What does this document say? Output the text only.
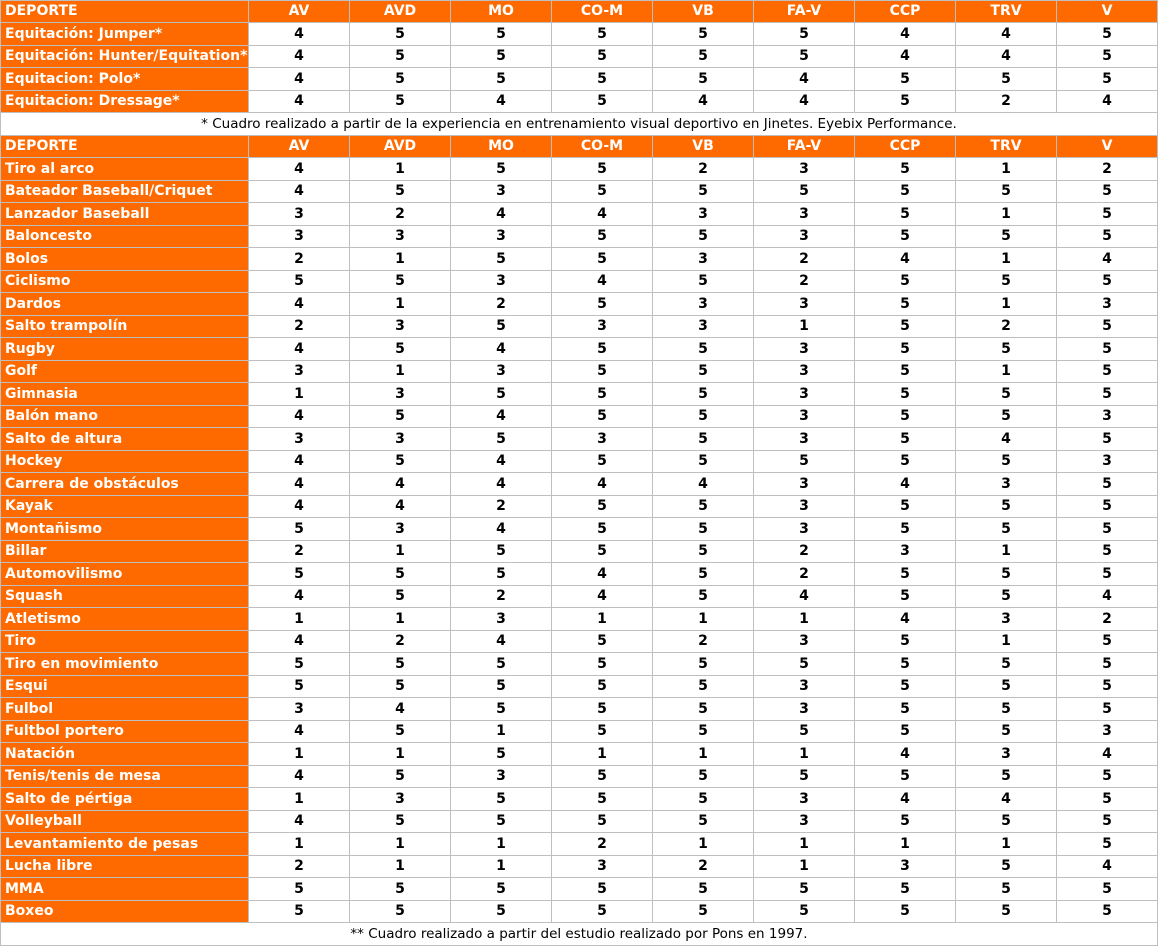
DEPORTE	AV	AVD	MO	CO-M	VB	FA-V	CCP	TRV	V
Equitación: Jumper*	4	5	5	5	5	5	4	4	5
Equitación: Hunter/Equitation*	4	5	5	5	5	5	4	4	5
Equitacion: Polo*	4	5	5	5	5	4	5	5	5
Equitacion: Dressage*	4	5	4	5	4	4	5	2	4
* Cuadro realizado a partir de la experiencia en entrenamiento visual deportivo en Jinetes. Eyebix Performance.									
DEPORTE	AV	AVD	MO	CO-M	VB	FA-V	CCP	TRV	V
Tiro al arco	4	1	5	5	2	3	5	1	2
Bateador Baseball/Criquet	4	5	3	5	5	5	5	5	5
Lanzador Baseball	3	2	4	4	3	3	5	1	5
Baloncesto	3	3	3	5	5	3	5	5	5
Bolos	2	1	5	5	3	2	4	1	4
Ciclismo	5	5	3	4	5	2	5	5	5
Dardos	4	1	2	5	3	3	5	1	3
Salto trampolín	2	3	5	3	3	1	5	2	5
Rugby	4	5	4	5	5	3	5	5	5
Golf	3	1	3	5	5	3	5	1	5
Gimnasia	1	3	5	5	5	3	5	5	5
Balón mano	4	5	4	5	5	3	5	5	3
Salto de altura	3	3	5	3	5	3	5	4	5
Hockey	4	5	4	5	5	5	5	5	3
Carrera de obstáculos	4	4	4	4	4	3	4	3	5
Kayak	4	4	2	5	5	3	5	5	5
Montañismo	5	3	4	5	5	3	5	5	5
Billar	2	1	5	5	5	2	3	1	5
Automovilismo	5	5	5	4	5	2	5	5	5
Squash	4	5	2	4	5	4	5	5	4
Atletismo	1	1	3	1	1	1	4	3	2
Tiro	4	2	4	5	2	3	5	1	5
Tiro en movimiento	5	5	5	5	5	5	5	5	5
Esqui	5	5	5	5	5	3	5	5	5
Fulbol	3	4	5	5	5	3	5	5	5
Fultbol portero	4	5	1	5	5	5	5	5	3
Natación	1	1	5	1	1	1	4	3	4
Tenis/tenis de mesa	4	5	3	5	5	5	5	5	5
Salto de pértiga	1	3	5	5	5	3	4	4	5
Volleyball	4	5	5	5	5	3	5	5	5
Levantamiento de pesas	1	1	1	2	1	1	1	1	5
Lucha libre	2	1	1	3	2	1	3	5	4
MMA	5	5	5	5	5	5	5	5	5
Boxeo	5	5	5	5	5	5	5	5	5
** Cuadro realizado a partir del estudio realizado por Pons en 1997.									
